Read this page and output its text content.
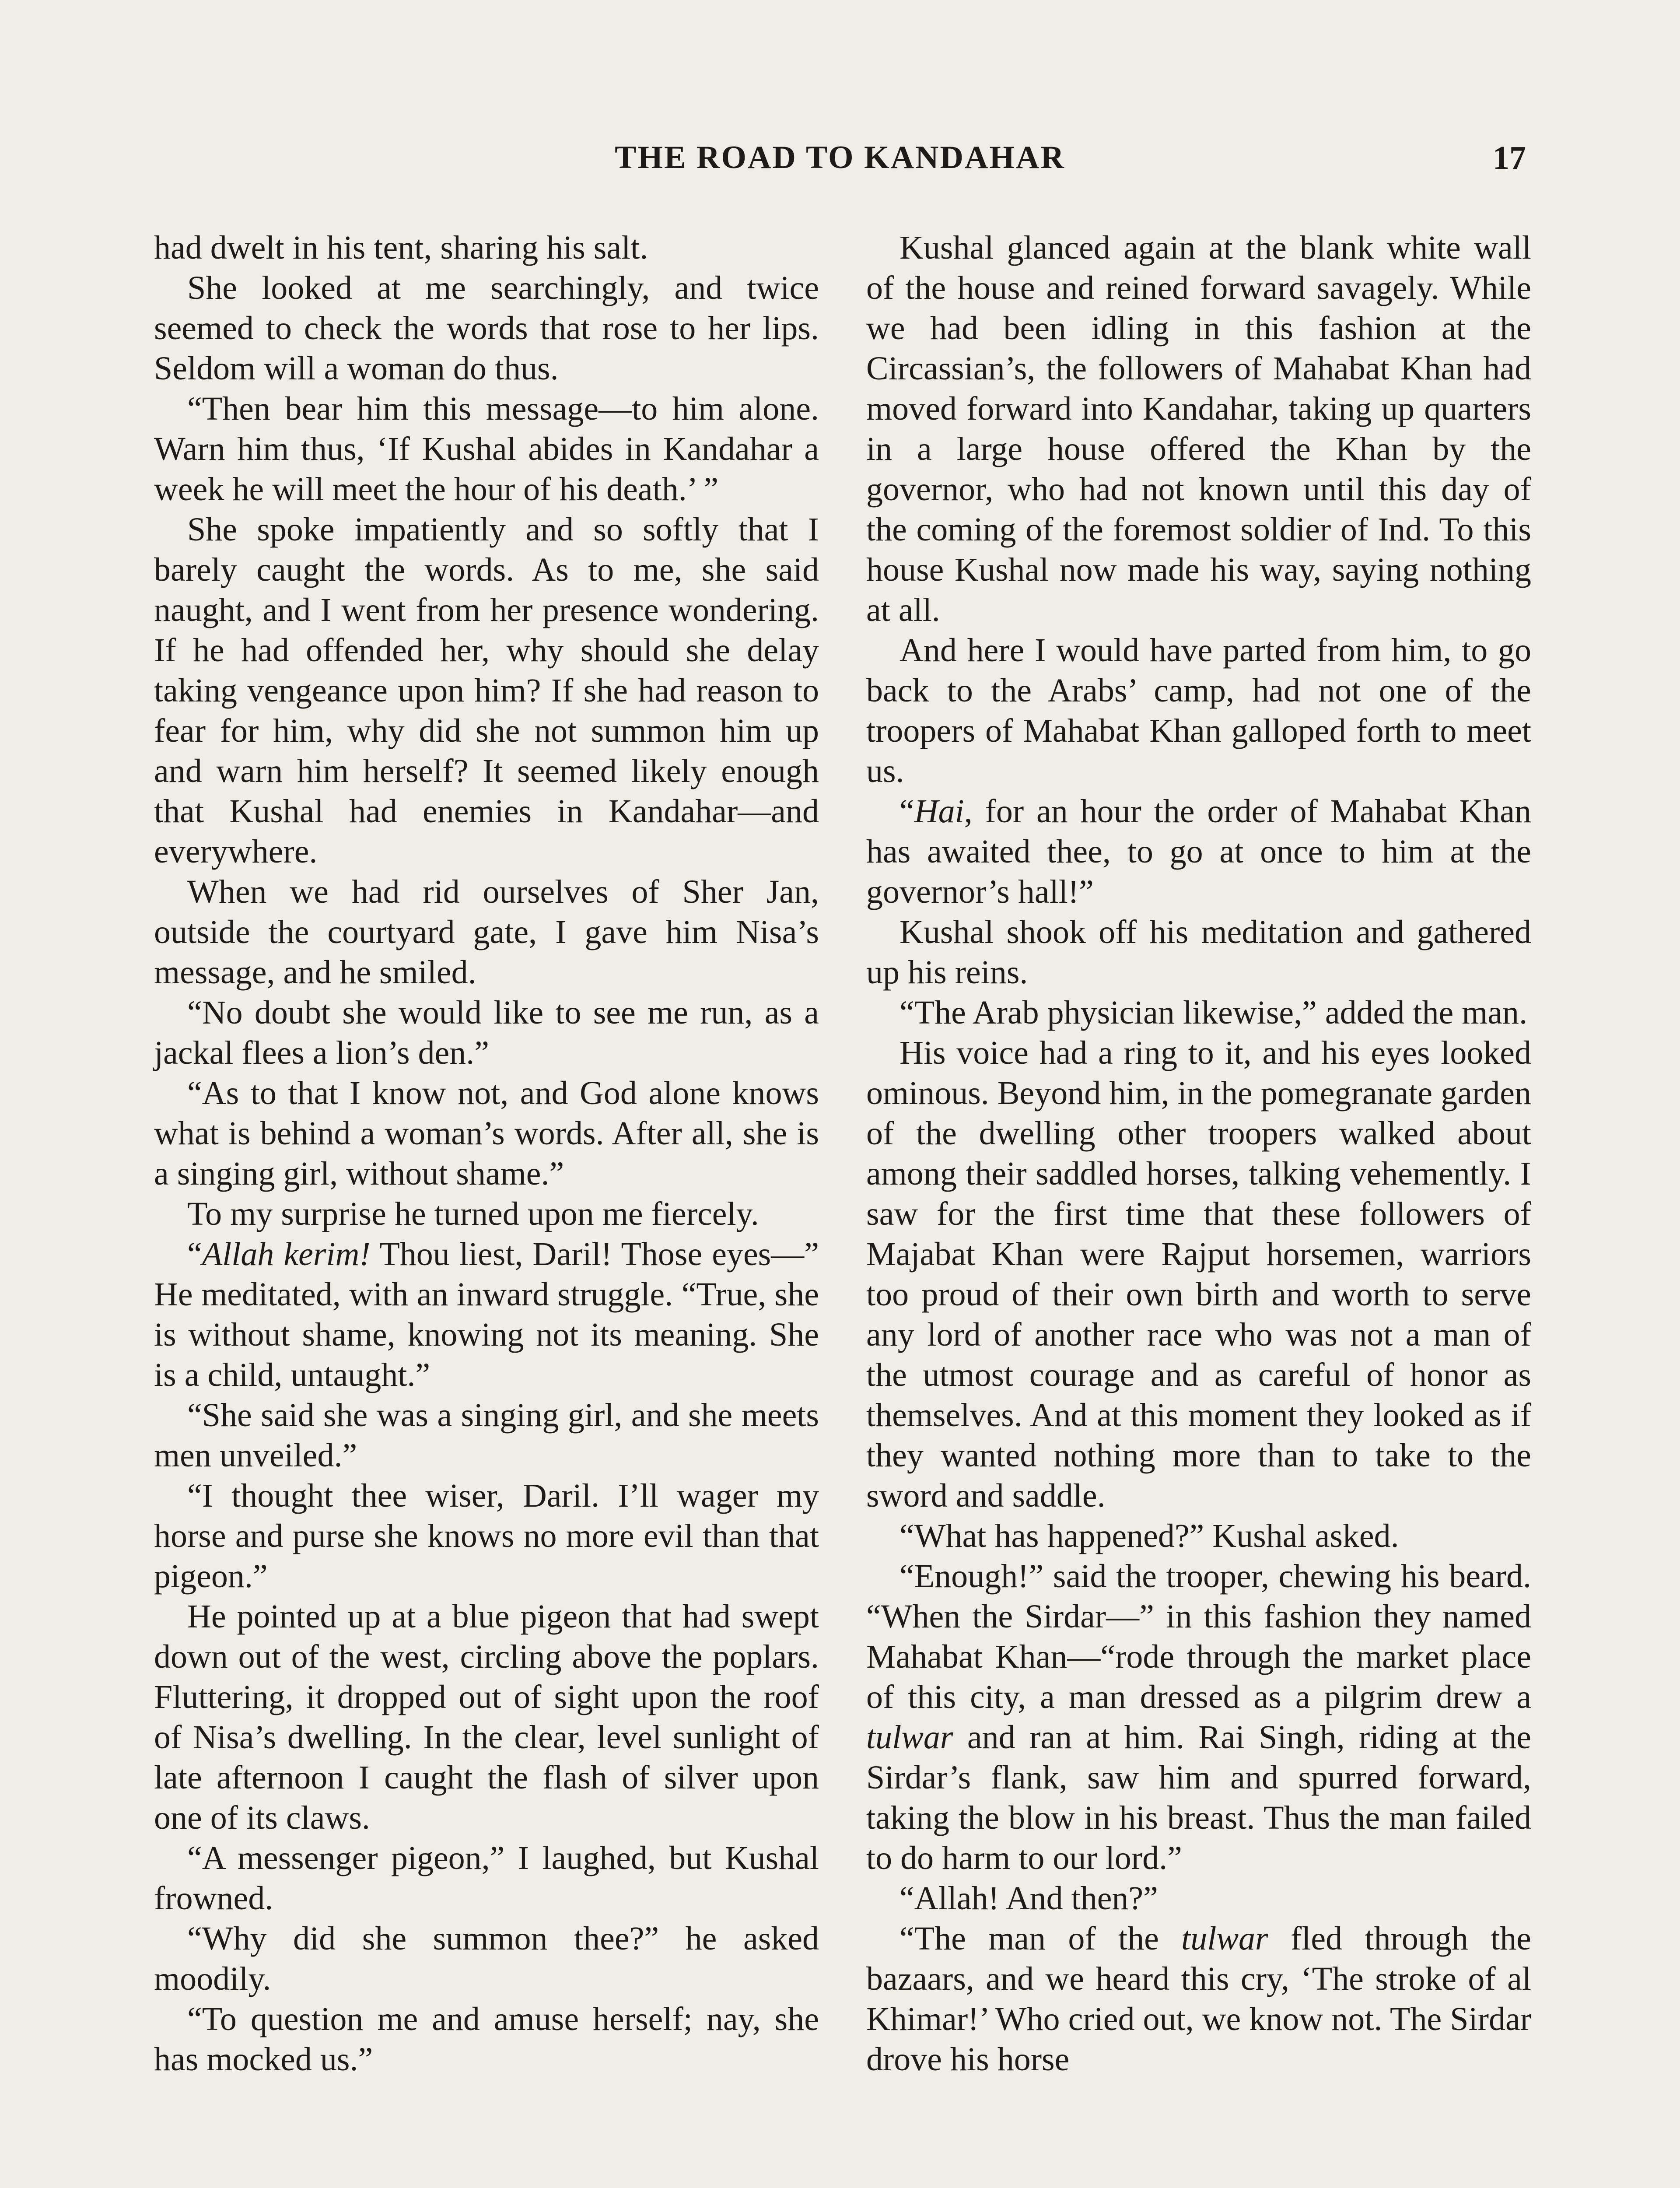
THE ROAD TO KANDAHAR	17

had dwelt in his tent, sharing his salt.

She looked at me searchingly, and twice seemed to check the words that rose to her lips. Seldom will a woman do thus.

“Then bear him this message—to him alone. Warn him thus, ‘If Kushal abides in Kandahar a week he will meet the hour of his death.’ ”

She spoke impatiently and so softly that I barely caught the words. As to me, she said naught, and I went from her presence wondering. If he had offended her, why should she delay taking vengeance upon him? If she had reason to fear for him, why did she not summon him up and warn him herself? It seemed likely enough that Kushal had enemies in Kandahar—and everywhere.

When we had rid ourselves of Sher Jan, outside the courtyard gate, I gave him Nisa’s message, and he smiled.

“No doubt she would like to see me run, as a jackal flees a lion’s den.”

“As to that I know not, and God alone knows what is behind a woman’s words. After all, she is a singing girl, without shame.”

To my surprise he turned upon me fiercely.

“Allah kerim! Thou liest, Daril! Those eyes—” He meditated, with an inward struggle. “True, she is without shame, knowing not its meaning. She is a child, untaught.”

“She said she was a singing girl, and she meets men unveiled.”

“I thought thee wiser, Daril. I’ll wager my horse and purse she knows no more evil than that pigeon.”

He pointed up at a blue pigeon that had swept down out of the west, circling above the poplars. Fluttering, it dropped out of sight upon the roof of Nisa’s dwelling. In the clear, level sunlight of late afternoon I caught the flash of silver upon one of its claws.

“A messenger pigeon,” I laughed, but Kushal frowned.

“Why did she summon thee?” he asked moodily.

“To question me and amuse herself; nay, she has mocked us.”

Kushal glanced again at the blank white wall of the house and reined forward savagely. While we had been idling in this fashion at the Circassian’s, the followers of Mahabat Khan had moved forward into Kandahar, taking up quarters in a large house offered the Khan by the governor, who had not known until this day of the coming of the foremost soldier of Ind. To this house Kushal now made his way, saying nothing at all.

And here I would have parted from him, to go back to the Arabs’ camp, had not one of the troopers of Mahabat Khan galloped forth to meet us.

“Hai, for an hour the order of Mahabat Khan has awaited thee, to go at once to him at the governor’s hall!”

Kushal shook off his meditation and gathered up his reins.

“The Arab physician likewise,” added the man.

His voice had a ring to it, and his eyes looked ominous. Beyond him, in the pomegranate garden of the dwelling other troopers walked about among their saddled horses, talking vehemently. I saw for the first time that these followers of Majabat Khan were Rajput horsemen, warriors too proud of their own birth and worth to serve any lord of another race who was not a man of the utmost courage and as careful of honor as themselves. And at this moment they looked as if they wanted nothing more than to take to the sword and saddle.

“What has happened?” Kushal asked.

“Enough!” said the trooper, chewing his beard. “When the Sirdar—” in this fashion they named Mahabat Khan—“rode through the market place of this city, a man dressed as a pilgrim drew a tulwar and ran at him. Rai Singh, riding at the Sirdar’s flank, saw him and spurred forward, taking the blow in his breast. Thus the man failed to do harm to our lord.”

“Allah! And then?”

“The man of the tulwar fled through the bazaars, and we heard this cry, ‘The stroke of al Khimar!’ Who cried out, we know not. The Sirdar drove his horse
